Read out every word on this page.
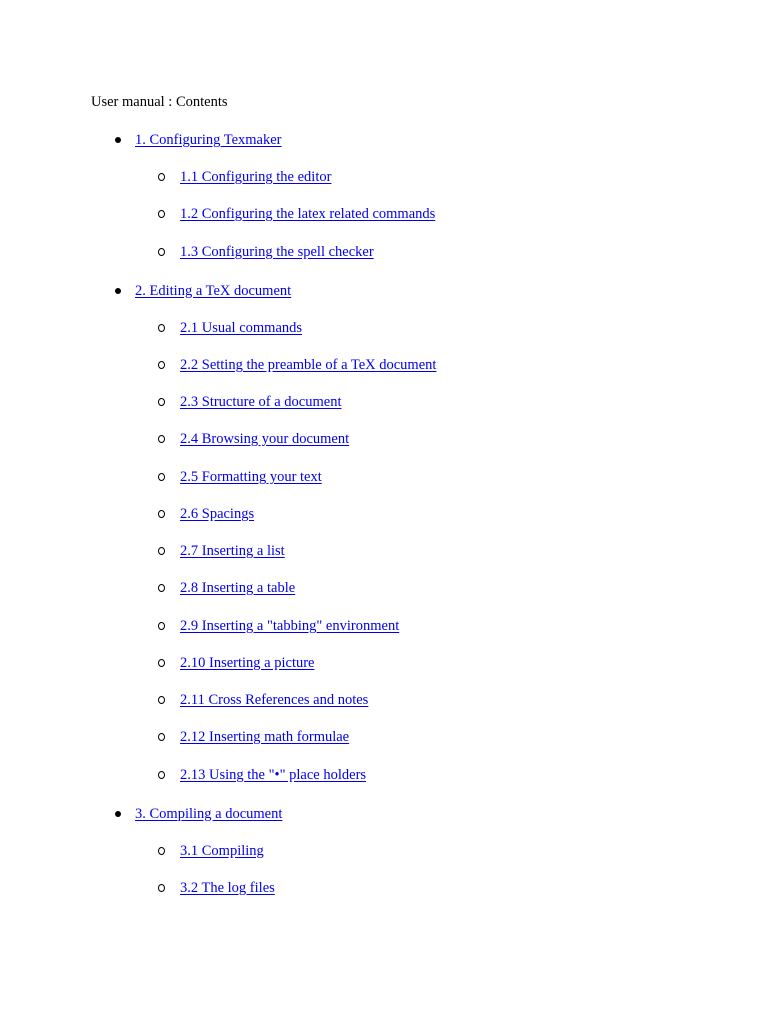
User manual : Contents
1. Configuring Texmaker
1.1 Configuring the editor
1.2 Configuring the latex related commands
1.3 Configuring the spell checker
2. Editing a TeX document
2.1 Usual commands
2.2 Setting the preamble of a TeX document
2.3 Structure of a document
2.4 Browsing your document
2.5 Formatting your text
2.6 Spacings
2.7 Inserting a list
2.8 Inserting a table
2.9 Inserting a "tabbing" environment
2.10 Inserting a picture
2.11 Cross References and notes
2.12 Inserting math formulae
2.13 Using the "•" place holders
3. Compiling a document
3.1 Compiling
3.2 The log files
